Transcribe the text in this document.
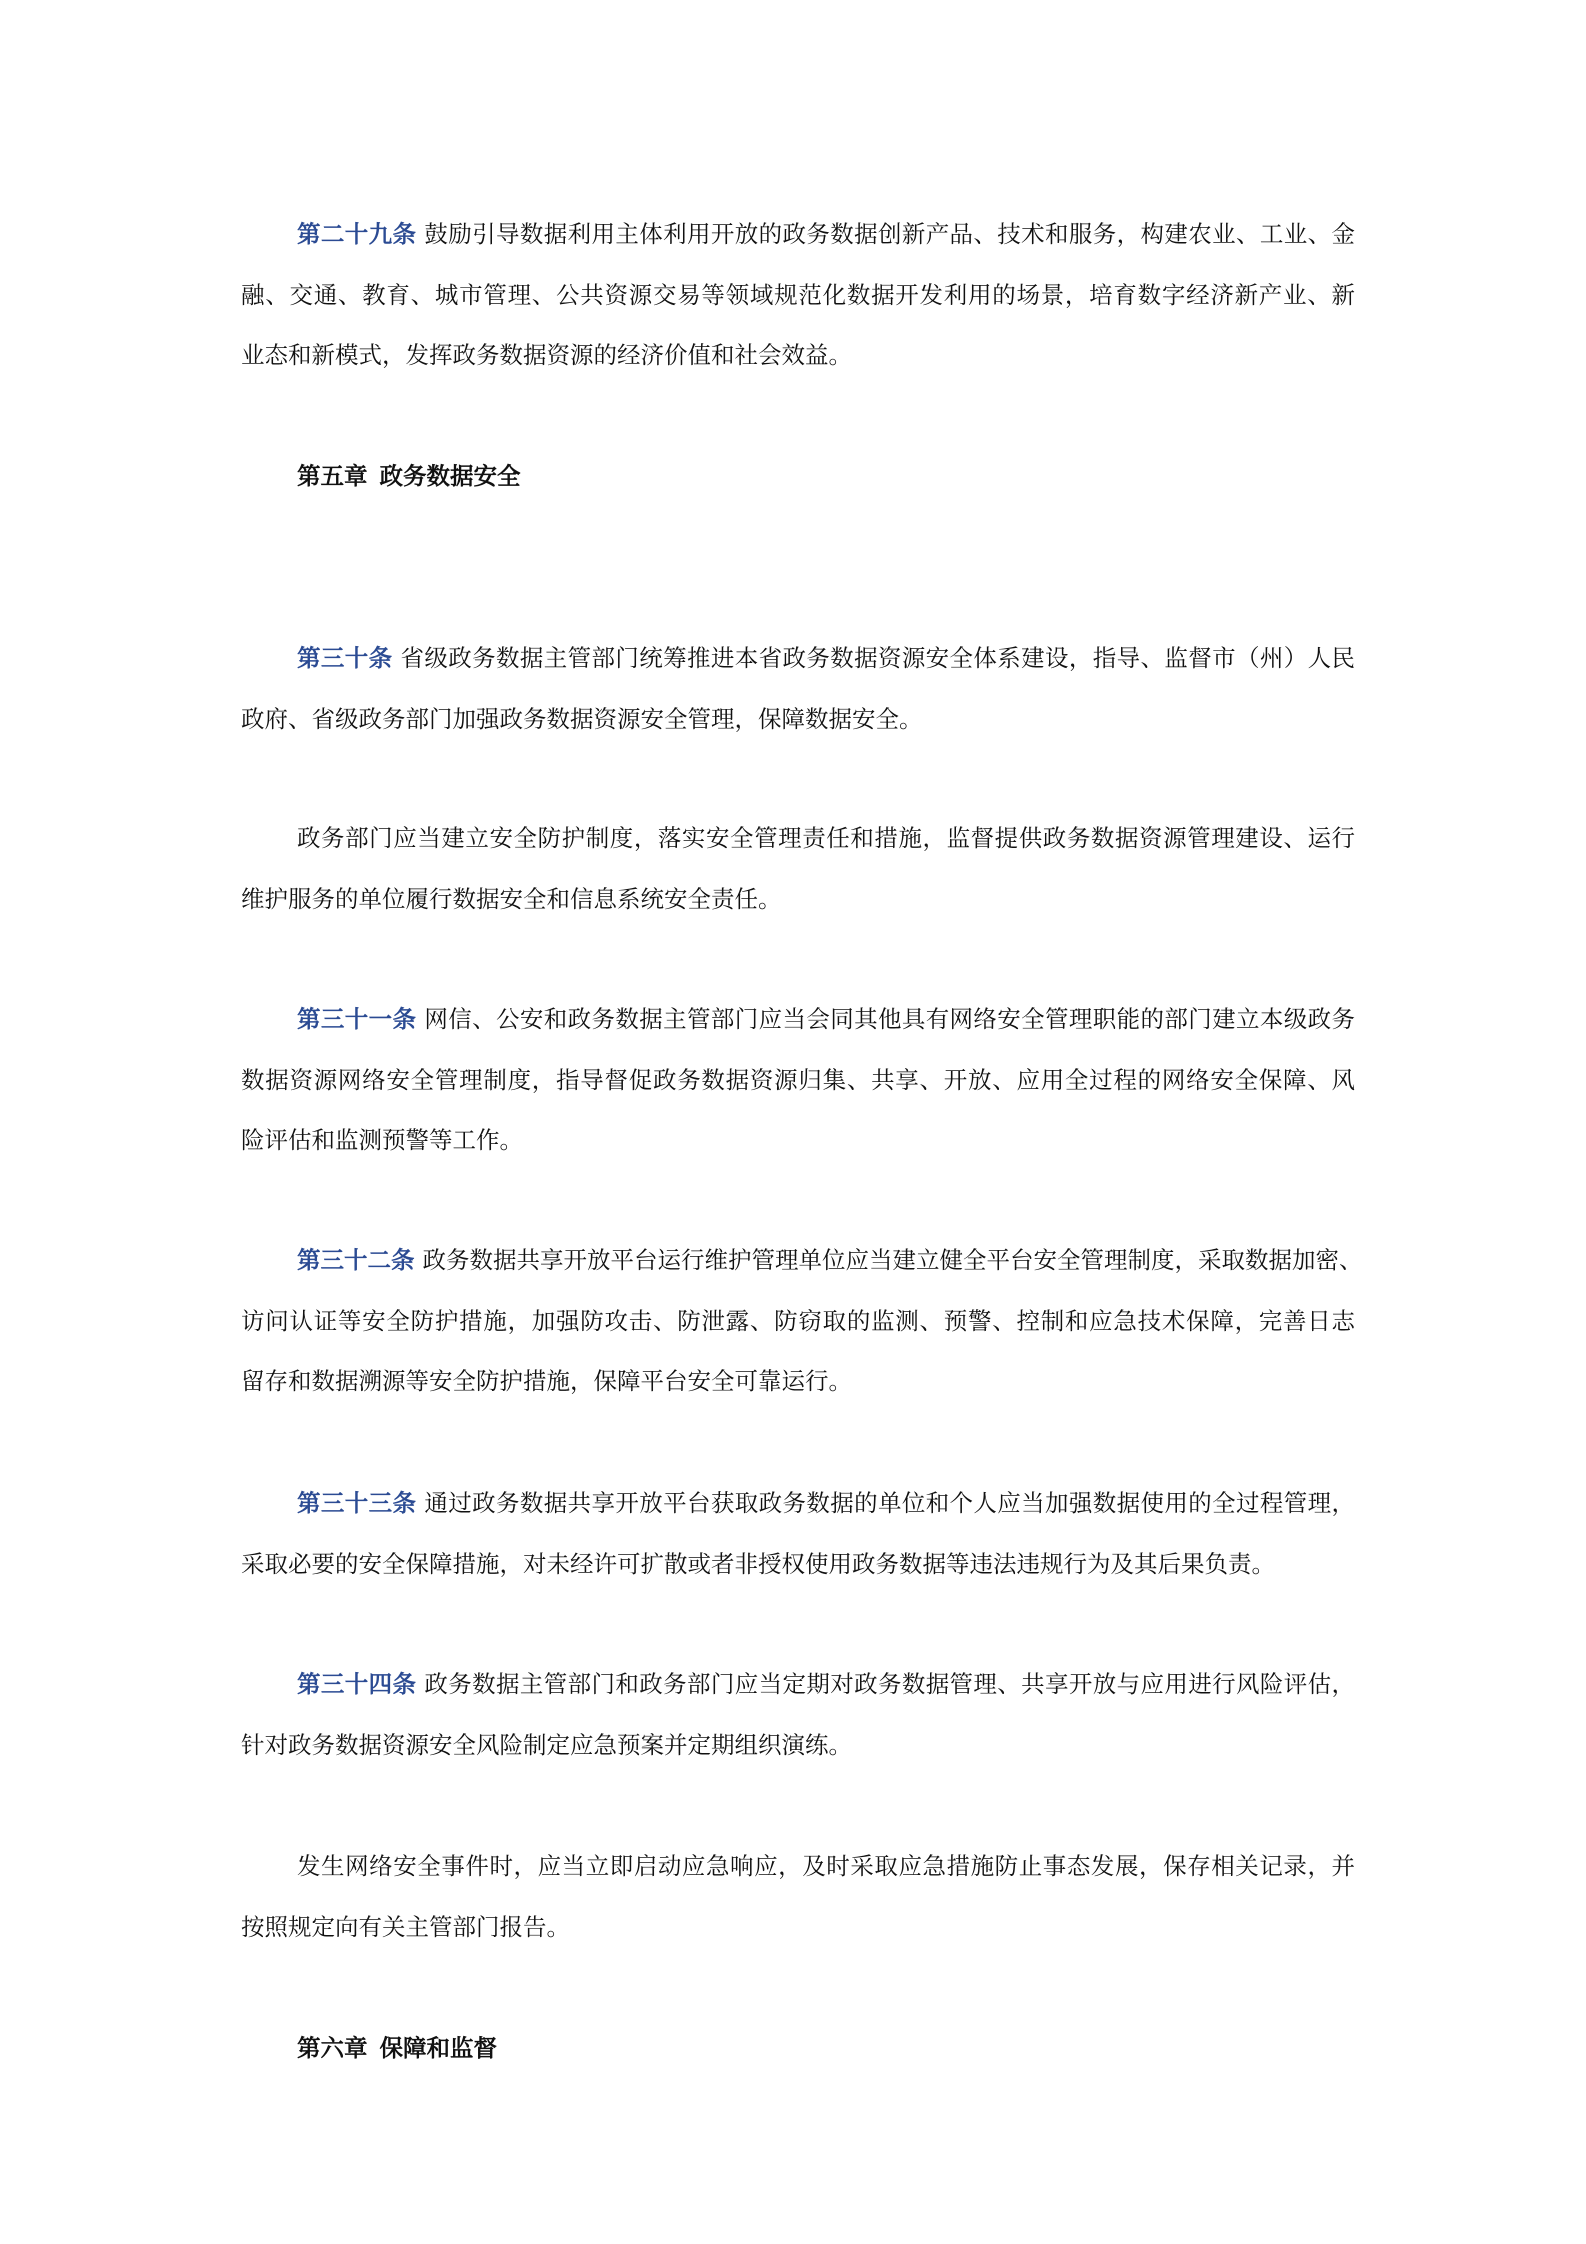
第二十九条 鼓励引导数据利用主体利用开放的政务数据创新产品、技术和服务，构建农业、工业、金
融、交通、教育、城市管理、公共资源交易等领域规范化数据开发利用的场景，培育数字经济新产业、新
业态和新模式，发挥政务数据资源的经济价值和社会效益。
第五章 政务数据安全
第三十条 省级政务数据主管部门统筹推进本省政务数据资源安全体系建设，指导、监督市（州）人民
政府、省级政务部门加强政务数据资源安全管理，保障数据安全。
政务部门应当建立安全防护制度，落实安全管理责任和措施，监督提供政务数据资源管理建设、运行
维护服务的单位履行数据安全和信息系统安全责任。
第三十一条 网信、公安和政务数据主管部门应当会同其他具有网络安全管理职能的部门建立本级政务
数据资源网络安全管理制度，指导督促政务数据资源归集、共享、开放、应用全过程的网络安全保障、风
险评估和监测预警等工作。
第三十二条 政务数据共享开放平台运行维护管理单位应当建立健全平台安全管理制度，采取数据加密、
访问认证等安全防护措施，加强防攻击、防泄露、防窃取的监测、预警、控制和应急技术保障，完善日志
留存和数据溯源等安全防护措施，保障平台安全可靠运行。
第三十三条 通过政务数据共享开放平台获取政务数据的单位和个人应当加强数据使用的全过程管理，
采取必要的安全保障措施，对未经许可扩散或者非授权使用政务数据等违法违规行为及其后果负责。
第三十四条 政务数据主管部门和政务部门应当定期对政务数据管理、共享开放与应用进行风险评估，
针对政务数据资源安全风险制定应急预案并定期组织演练。
发生网络安全事件时，应当立即启动应急响应，及时采取应急措施防止事态发展，保存相关记录，并
按照规定向有关主管部门报告。
第六章 保障和监督
